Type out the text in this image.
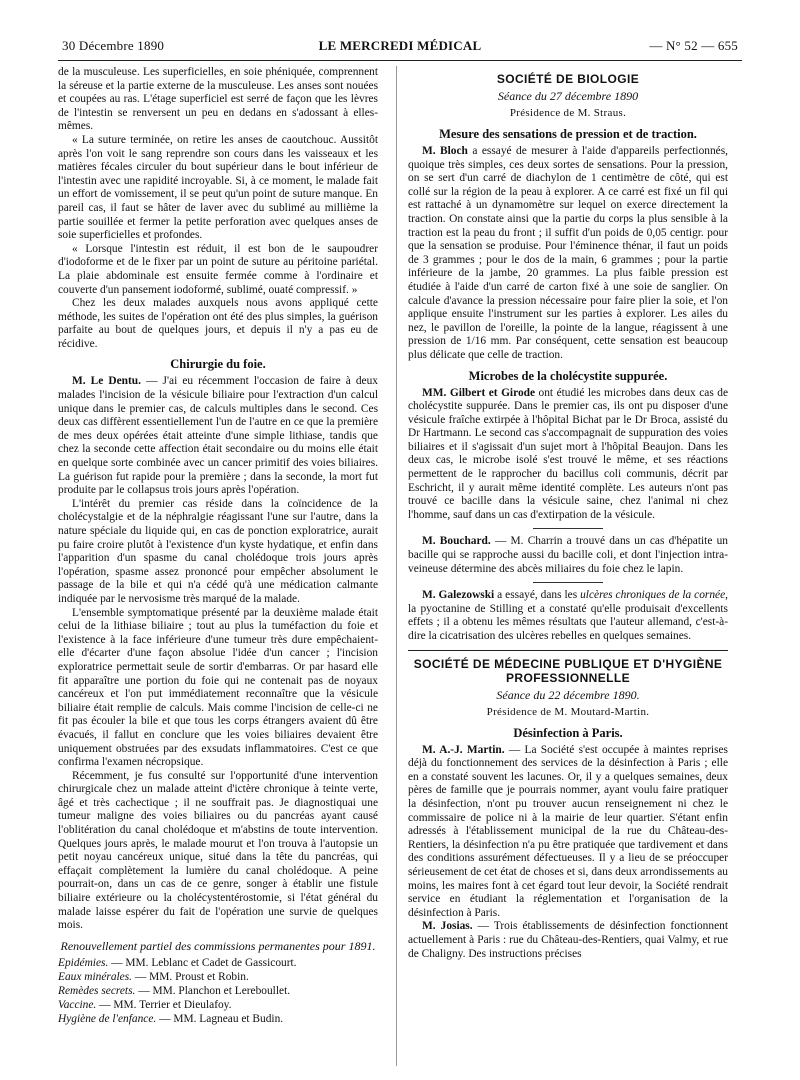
30 Décembre 1890	LE MERCREDI MÉDICAL	— N° 52 — 655

de la musculeuse. Les superficielles, en soie phéniquée, comprennent la séreuse et la partie externe de la musculeuse. Les anses sont nouées et coupées au ras. L'étage superficiel est serré de façon que les lèvres de l'intestin se renversent un peu en dedans en s'adossant à elles-mêmes.

« La suture terminée, on retire les anses de caoutchouc. Aussitôt après l'on voit le sang reprendre son cours dans les vaisseaux et les matières fécales circuler du bout supérieur dans le bout inférieur de l'intestin avec une rapidité incroyable. Si, à ce moment, le malade fait un effort de vomissement, il se peut qu'un point de suture manque. En pareil cas, il faut se hâter de laver avec du sublimé au millième la partie souillée et fermer la petite perforation avec quelques anses de soie superficielles et profondes.

« Lorsque l'intestin est réduit, il est bon de le saupoudrer d'iodoforme et de le fixer par un point de suture au péritoine pariétal. La plaie abdominale est ensuite fermée comme à l'ordinaire et couverte d'un pansement iodoformé, sublimé, ouaté compressif. »

Chez les deux malades auxquels nous avons appliqué cette méthode, les suites de l'opération ont été des plus simples, la guérison parfaite au bout de quelques jours, et depuis il n'y a pas eu de récidive.

Chirurgie du foie.

M. Le Dentu. — J'ai eu récemment l'occasion de faire à deux malades l'incision de la vésicule biliaire pour l'extraction d'un calcul unique dans le premier cas, de calculs multiples dans le second. Ces deux cas diffèrent essentiellement l'un de l'autre en ce que la première de mes deux opérées était atteinte d'une simple lithiase, tandis que chez la seconde cette affection était secondaire ou du moins elle était en quelque sorte combinée avec un cancer primitif des voies biliaires. La guérison fut rapide pour la première ; dans la seconde, la mort fut produite par le collapsus trois jours après l'opération.

L'intérêt du premier cas réside dans la coïncidence de la cholécystalgie et de la néphralgie réagissant l'une sur l'autre, dans la nature spéciale du liquide qui, en cas de ponction exploratrice, aurait pu faire croire plutôt à l'existence d'un kyste hydatique, et enfin dans l'apparition d'un spasme du canal cholédoque trois jours après l'opération, spasme assez prononcé pour empêcher absolument le passage de la bile et qui n'a cédé qu'à une médication calmante indiquée par le nervosisme très marqué de la malade.

L'ensemble symptomatique présenté par la deuxième malade était celui de la lithiase biliaire ; tout au plus la tuméfaction du foie et l'existence à la face inférieure d'une tumeur très dure empêchaient-elle d'écarter d'une façon absolue l'idée d'un cancer ; l'incision exploratrice permettait seule de sortir d'embarras. Or par hasard elle fit apparaître une portion du foie qui ne contenait pas de noyaux cancéreux et l'on put immédiatement reconnaître que la vésicule biliaire était remplie de calculs. Mais comme l'incision de celle-ci ne fit pas écouler la bile et que tous les corps étrangers avaient dû être évacués, il fallut en conclure que les voies biliaires devaient être uniquement obstruées par des exsudats inflammatoires. C'est ce que confirma l'examen nécropsique.

Récemment, je fus consulté sur l'opportunité d'une intervention chirurgicale chez un malade atteint d'ictère chronique à teinte verte, âgé et très cachectique ; il ne souffrait pas. Je diagnostiquai une tumeur maligne des voies biliaires ou du pancréas ayant causé l'oblitération du canal cholédoque et m'abstins de toute intervention. Quelques jours après, le malade mourut et l'on trouva à l'autopsie un petit noyau cancéreux unique, situé dans la tête du pancréas, qui effaçait complètement la lumière du canal cholédoque. A peine pourrait-on, dans un cas de ce genre, songer à établir une fistule biliaire extérieure ou la cholécystentérostomie, si l'état général du malade laisse espérer du fait de l'opération une survie de quelques mois.

Renouvellement partiel des commissions permanentes pour 1891.

Epidémies. — MM. Leblanc et Cadet de Gassicourt.

Eaux minérales. — MM. Proust et Robin.

Remèdes secrets. — MM. Planchon et Lereboullet.

Vaccine. — MM. Terrier et Dieulafoy.

Hygiène de l'enfance. — MM. Lagneau et Budin.

SOCIÉTÉ DE BIOLOGIE
Séance du 27 décembre 1890
Présidence de M. Straus.
Mesure des sensations de pression et de traction.

M. Bloch a essayé de mesurer à l'aide d'appareils perfectionnés, quoique très simples, ces deux sortes de sensations. Pour la pression, on se sert d'un carré de diachylon de 1 centimètre de côté, qui est collé sur la région de la peau à explorer. A ce carré est fixé un fil qui est rattaché à un dynamomètre sur lequel on exerce directement la traction. On constate ainsi que la partie du corps la plus sensible à la traction est la peau du front ; il suffit d'un poids de 0,05 centigr. pour que la sensation se produise. Pour l'éminence thénar, il faut un poids de 3 grammes ; pour le dos de la main, 6 grammes ; pour la partie inférieure de la jambe, 20 grammes. La plus faible pression est étudiée à l'aide d'un carré de carton fixé à une soie de sanglier. On calcule d'avance la pression nécessaire pour faire plier la soie, et l'on applique ensuite l'instrument sur les parties à explorer. Les ailes du nez, le pavillon de l'oreille, la pointe de la langue, réagissent à une pression de 1/16 mm. Par conséquent, cette sensation est beaucoup plus délicate que celle de traction.

Microbes de la cholécystite suppurée.

MM. Gilbert et Girode ont étudié les microbes dans deux cas de cholécystite suppurée. Dans le premier cas, ils ont pu disposer d'une vésicule fraîche extirpée à l'hôpital Bichat par le Dr Broca, assisté du Dr Hartmann. Le second cas s'accompagnait de suppuration des voies biliaires et il s'agissait d'un sujet mort à l'hôpital Beaujon. Dans les deux cas, le microbe isolé s'est trouvé le même, et ses réactions permettent de le rapprocher du bacillus coli communis, décrit par Eschricht, il y aurait même identité complète. Les auteurs n'ont pas trouvé ce bacille dans la vésicule saine, chez l'animal ni chez l'homme, sauf dans un cas d'extirpation de la vésicule.

M. Bouchard. — M. Charrin a trouvé dans un cas d'hépatite un bacille qui se rapproche aussi du bacille coli, et dont l'injection intra-veineuse détermine des abcès miliaires du foie chez le lapin.

M. Galezowski a essayé, dans les ulcères chroniques de la cornée, la pyoctanine de Stilling et a constaté qu'elle produisait d'excellents effets ; il a obtenu les mêmes résultats que l'auteur allemand, c'est-à-dire la cicatrisation des ulcères rebelles en quelques semaines.

SOCIÉTÉ DE MÉDECINE PUBLIQUE ET D'HYGIÈNE PROFESSIONNELLE
Séance du 22 décembre 1890.
Présidence de M. Moutard-Martin.
Désinfection à Paris.

M. A.-J. Martin. — La Société s'est occupée à maintes reprises déjà du fonctionnement des services de la désinfection à Paris ; elle en a constaté souvent les lacunes. Or, il y a quelques semaines, deux pères de famille que je pourrais nommer, ayant voulu faire pratiquer la désinfection, n'ont pu trouver aucun renseignement ni chez le commissaire de police ni à la mairie de leur quartier. S'étant enfin adressés à l'établissement municipal de la rue du Château-des-Rentiers, la désinfection n'a pu être pratiquée que tardivement et dans des conditions assurément défectueuses. Il y a lieu de se préoccuper sérieusement de cet état de choses et si, dans deux arrondissements au moins, les maires font à cet égard tout leur devoir, la Société rendrait service en étudiant la réglementation et l'organisation de la désinfection à Paris.

M. Josias. — Trois établissements de désinfection fonctionnent actuellement à Paris : rue du Château-des-Rentiers, quai Valmy, et rue de Chaligny. Des instructions précises
